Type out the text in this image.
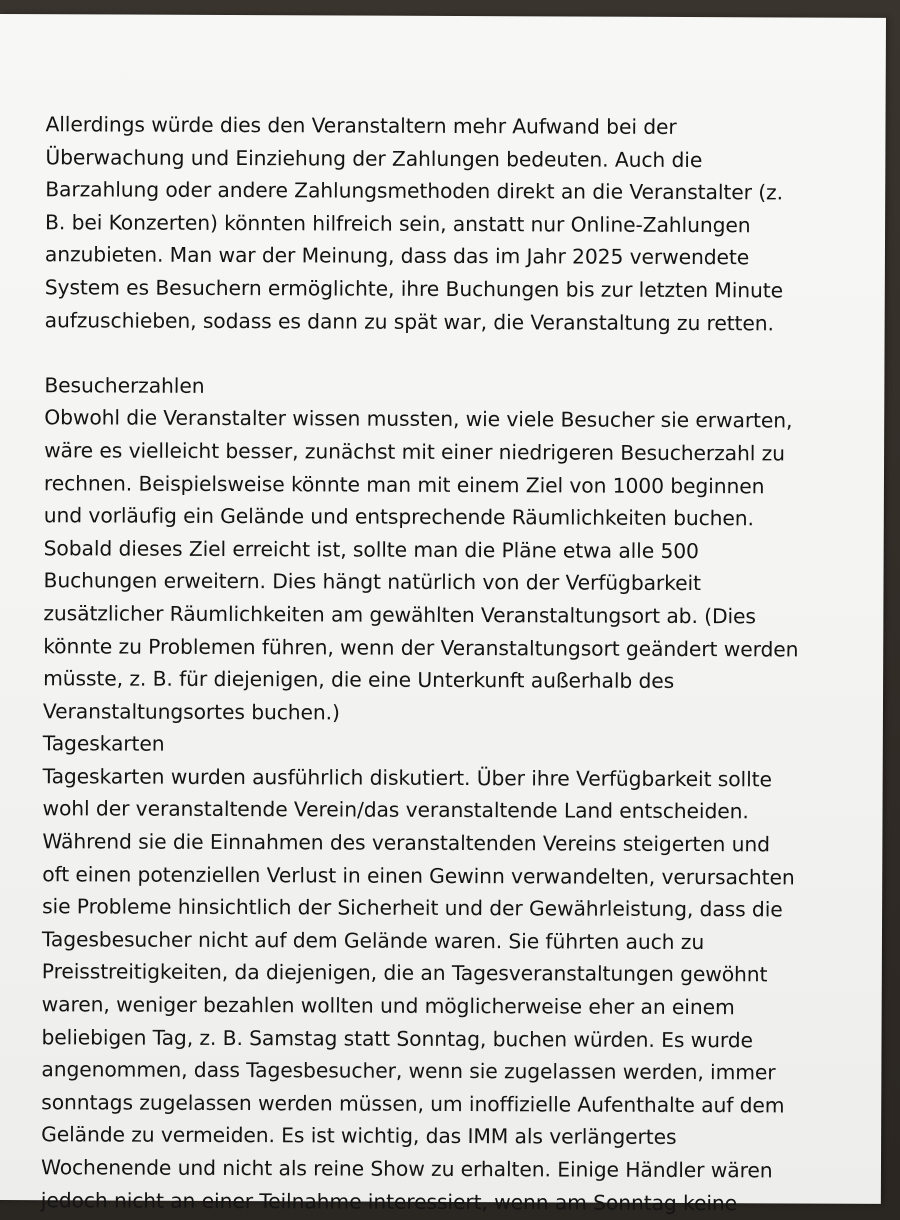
Allerdings würde dies den Veranstaltern mehr Aufwand bei der
Überwachung und Einziehung der Zahlungen bedeuten. Auch die
Barzahlung oder andere Zahlungsmethoden direkt an die Veranstalter (z.
B. bei Konzerten) könnten hilfreich sein, anstatt nur Online-Zahlungen
anzubieten. Man war der Meinung, dass das im Jahr 2025 verwendete
System es Besuchern ermöglichte, ihre Buchungen bis zur letzten Minute
aufzuschieben, sodass es dann zu spät war, die Veranstaltung zu retten.
Besucherzahlen
Obwohl die Veranstalter wissen mussten, wie viele Besucher sie erwarten,
wäre es vielleicht besser, zunächst mit einer niedrigeren Besucherzahl zu
rechnen. Beispielsweise könnte man mit einem Ziel von 1000 beginnen
und vorläufig ein Gelände und entsprechende Räumlichkeiten buchen.
Sobald dieses Ziel erreicht ist, sollte man die Pläne etwa alle 500
Buchungen erweitern. Dies hängt natürlich von der Verfügbarkeit
zusätzlicher Räumlichkeiten am gewählten Veranstaltungsort ab. (Dies
könnte zu Problemen führen, wenn der Veranstaltungsort geändert werden
müsste, z. B. für diejenigen, die eine Unterkunft außerhalb des
Veranstaltungsortes buchen.)
Tageskarten
Tageskarten wurden ausführlich diskutiert. Über ihre Verfügbarkeit sollte
wohl der veranstaltende Verein/das veranstaltende Land entscheiden.
Während sie die Einnahmen des veranstaltenden Vereins steigerten und
oft einen potenziellen Verlust in einen Gewinn verwandelten, verursachten
sie Probleme hinsichtlich der Sicherheit und der Gewährleistung, dass die
Tagesbesucher nicht auf dem Gelände waren. Sie führten auch zu
Preisstreitigkeiten, da diejenigen, die an Tagesveranstaltungen gewöhnt
waren, weniger bezahlen wollten und möglicherweise eher an einem
beliebigen Tag, z. B. Samstag statt Sonntag, buchen würden. Es wurde
angenommen, dass Tagesbesucher, wenn sie zugelassen werden, immer
sonntags zugelassen werden müssen, um inoffizielle Aufenthalte auf dem
Gelände zu vermeiden. Es ist wichtig, das IMM als verlängertes
Wochenende und nicht als reine Show zu erhalten. Einige Händler wären
jedoch nicht an einer Teilnahme interessiert, wenn am Sonntag keine
